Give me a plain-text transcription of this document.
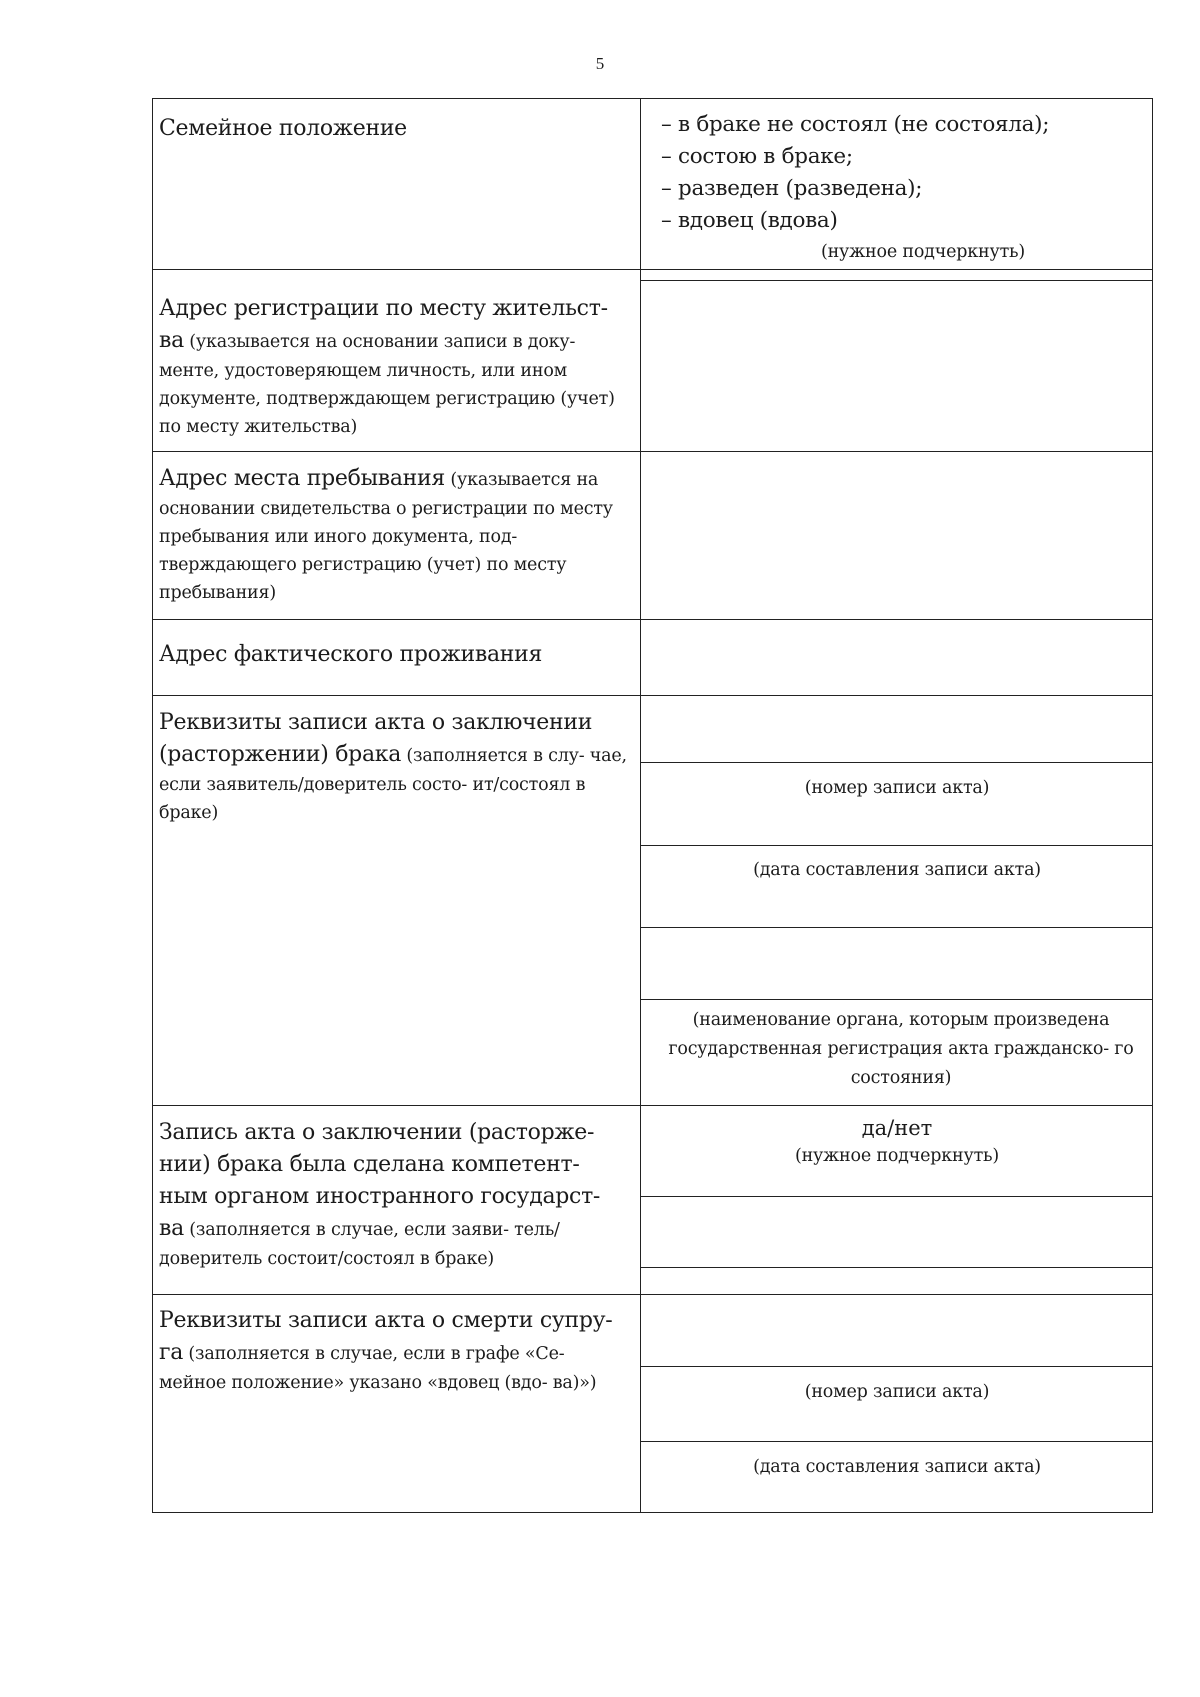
5
Семейное положение	– в браке не состоял (не состояла);
– состою в браке;
– разведен (разведена);
– вдовец (вдова)
(нужное подчеркнуть)
Адрес регистрации по месту жительст-
ва (указывается на основании записи в доку- менте, удостоверяющем личность, или ином документе, подтверждающем регистрацию (учет) по месту жительства)
Адрес места пребывания (указывается на основании свидетельства о регистрации по месту пребывания или иного документа, под- тверждающего регистрацию (учет) по месту пребывания)
Адрес фактического проживания
Реквизиты записи акта о заключении (расторжении) брака (заполняется в слу- чае, если заявитель/доверитель состо- ит/состоял в браке)
(номер записи акта)
(дата составления записи акта)
(наименование органа, которым произведена государственная регистрация акта гражданско- го состояния)
Запись акта о заключении (расторже- нии) брака была сделана компетент- ным органом иностранного государст- ва (заполняется в случае, если заяви- тель/доверитель состоит/состоял в браке)
да/нет
(нужное подчеркнуть)
Реквизиты записи акта о смерти супру- га (заполняется в случае, если в графе «Се- мейное положение» указано «вдовец (вдо- ва)»)	(номер записи акта)
(дата составления записи акта)
